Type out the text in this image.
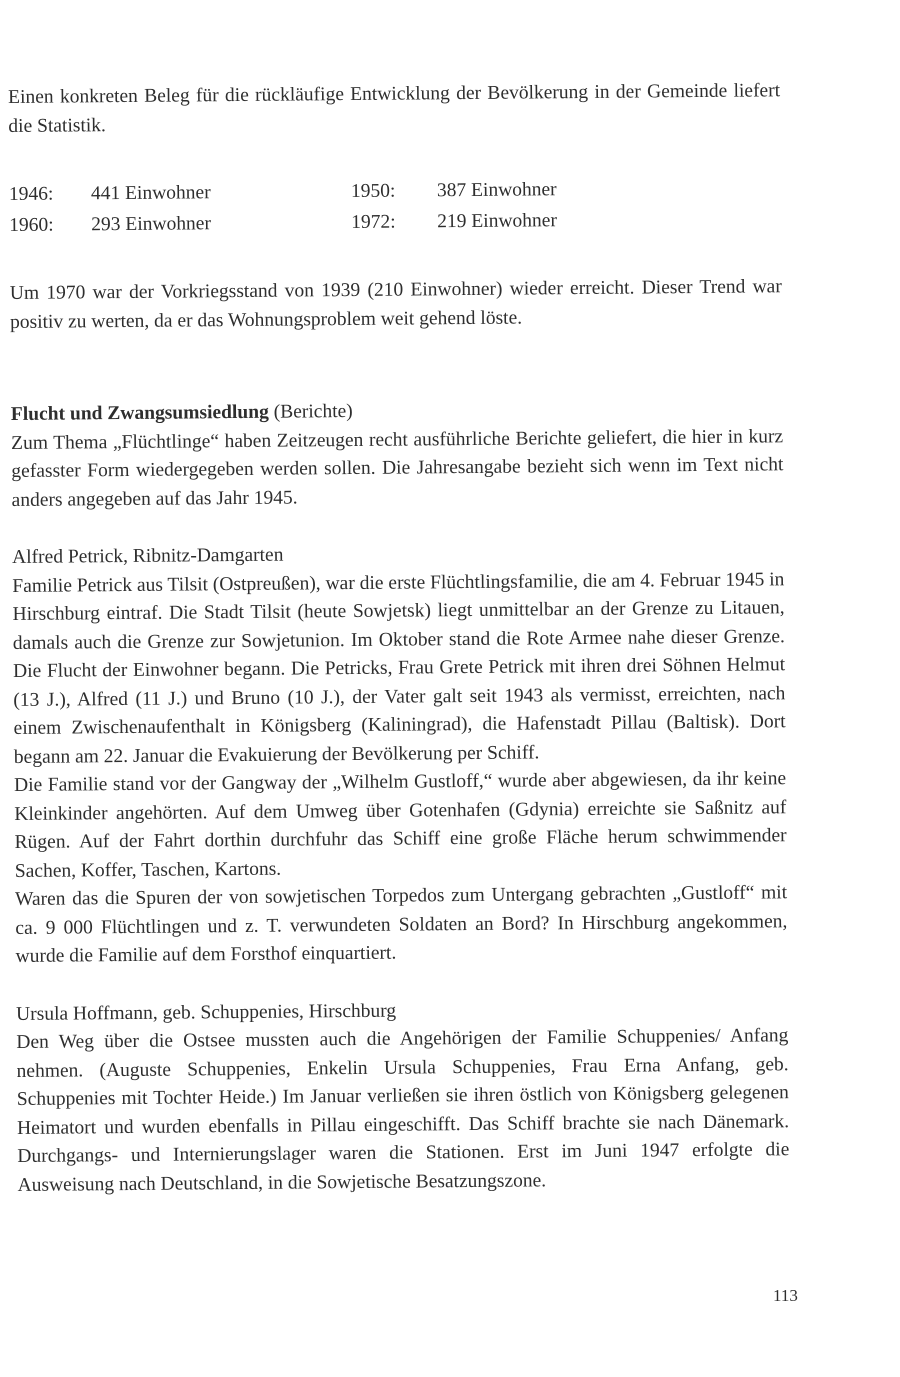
Einen konkreten Beleg für die rückläufige Entwicklung der Bevölkerung in der Gemeinde liefert die Statistik.

1946:	441 Einwohner	1950:	387 Einwohner
1960:	293 Einwohner	1972:	219 Einwohner

Um 1970 war der Vorkriegsstand von 1939 (210 Einwohner) wieder erreicht. Dieser Trend war positiv zu werten, da er das Wohnungsproblem weit gehend löste.

Flucht und Zwangsumsiedlung (Berichte)

Zum Thema „Flüchtlinge“ haben Zeitzeugen recht ausführliche Berichte geliefert, die hier in kurz gefasster Form wiedergegeben werden sollen. Die Jahresangabe bezieht sich wenn im Text nicht anders angegeben auf das Jahr 1945.

Alfred Petrick, Ribnitz-Damgarten

Familie Petrick aus Tilsit (Ostpreußen), war die erste Flüchtlingsfamilie, die am 4. Februar 1945 in Hirschburg eintraf. Die Stadt Tilsit (heute Sowjetsk) liegt unmittelbar an der Grenze zu Litauen, damals auch die Grenze zur Sowjetunion. Im Oktober stand die Rote Armee nahe dieser Grenze. Die Flucht der Einwohner begann. Die Petricks, Frau Grete Petrick mit ihren drei Söhnen Helmut (13 J.), Alfred (11 J.) und Bruno (10 J.), der Vater galt seit 1943 als vermisst, erreichten, nach einem Zwischenaufenthalt in Königsberg (Kaliningrad), die Hafenstadt Pillau (Baltisk). Dort begann am 22. Januar die Evakuierung der Bevölkerung per Schiff.

Die Familie stand vor der Gangway der „Wilhelm Gustloff,“ wurde aber abgewiesen, da ihr keine Kleinkinder angehörten. Auf dem Umweg über Gotenhafen (Gdynia) erreichte sie Saßnitz auf Rügen. Auf der Fahrt dorthin durchfuhr das Schiff eine große Fläche herum schwimmender Sachen, Koffer, Taschen, Kartons.

Waren das die Spuren der von sowjetischen Torpedos zum Untergang gebrachten „Gustloff“ mit ca. 9 000 Flüchtlingen und z. T. verwundeten Soldaten an Bord? In Hirschburg angekommen, wurde die Familie auf dem Forsthof einquartiert.

Ursula Hoffmann, geb. Schuppenies, Hirschburg

Den Weg über die Ostsee mussten auch die Angehörigen der Familie Schuppenies/ Anfang nehmen. (Auguste Schuppenies, Enkelin Ursula Schuppenies, Frau Erna Anfang, geb. Schuppenies mit Tochter Heide.) Im Januar verließen sie ihren östlich von Königsberg gelegenen Heimatort und wurden ebenfalls in Pillau eingeschifft. Das Schiff brachte sie nach Dänemark. Durchgangs- und Internierungslager waren die Stationen. Erst im Juni 1947 erfolgte die Ausweisung nach Deutschland, in die Sowjetische Besatzungszone.

113
